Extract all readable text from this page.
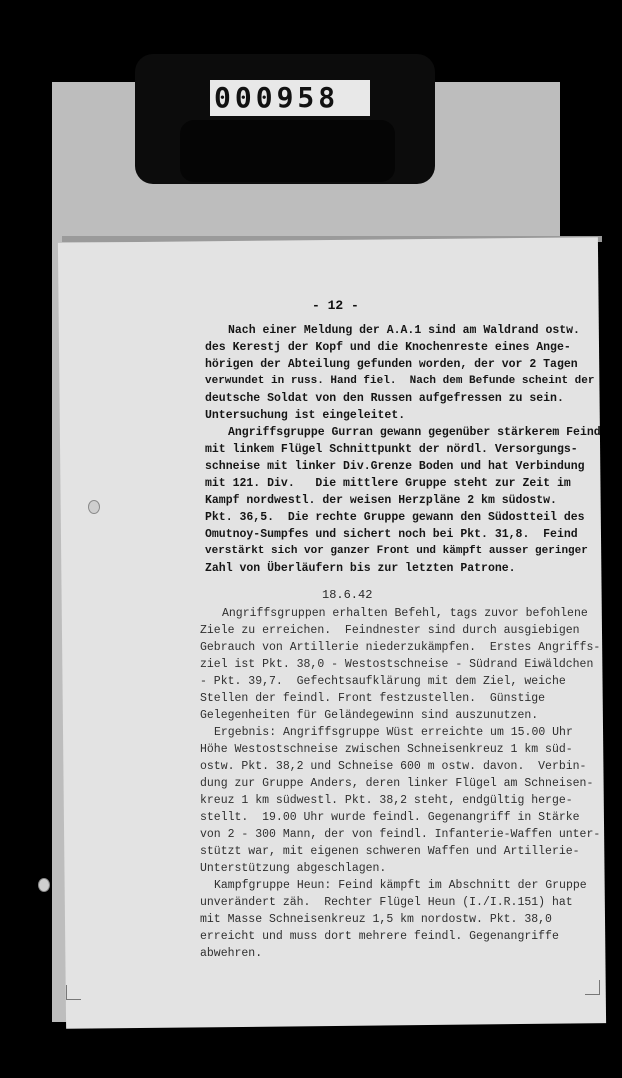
000958
- 12 -
Nach einer Meldung der A.A.1 sind am Waldrand ostw.
des Kerestj der Kopf und die Knochenreste eines Ange-
hörigen der Abteilung gefunden worden, der vor 2 Tagen
verwundet in russ. Hand fiel.  Nach dem Befunde scheint der
deutsche Soldat von den Russen aufgefressen zu sein.
Untersuchung ist eingeleitet.
Angriffsgruppe Gurran gewann gegenüber stärkerem Feind
mit linkem Flügel Schnittpunkt der nördl. Versorgungs-
schneise mit linker Div.Grenze Boden und hat Verbindung
mit 121. Div.   Die mittlere Gruppe steht zur Zeit im
Kampf nordwestl. der weisen Herzpläne 2 km südostw.
Pkt. 36,5.  Die rechte Gruppe gewann den Südostteil des
Omutnoy-Sumpfes und sichert noch bei Pkt. 31,8.  Feind
verstärkt sich vor ganzer Front und kämpft ausser geringer
Zahl von Überläufern bis zur letzten Patrone.
18.6.42
Angriffsgruppen erhalten Befehl, tags zuvor befohlene
Ziele zu erreichen.  Feindnester sind durch ausgiebigen
Gebrauch von Artillerie niederzukämpfen.  Erstes Angriffs-
ziel ist Pkt. 38,0 - Westostschneise - Südrand Eiwäldchen
- Pkt. 39,7.  Gefechtsaufklärung mit dem Ziel, weiche
Stellen der feindl. Front festzustellen.  Günstige
Gelegenheiten für Geländegewinn sind auszunutzen.
Ergebnis: Angriffsgruppe Wüst erreichte um 15.00 Uhr
Höhe Westostschneise zwischen Schneisenkreuz 1 km süd-
ostw. Pkt. 38,2 und Schneise 600 m ostw. davon.  Verbin-
dung zur Gruppe Anders, deren linker Flügel am Schneisen-
kreuz 1 km südwestl. Pkt. 38,2 steht, endgültig herge-
stellt.  19.00 Uhr wurde feindl. Gegenangriff in Stärke
von 2 - 300 Mann, der von feindl. Infanterie-Waffen unter-
stützt war, mit eigenen schweren Waffen und Artillerie-
Unterstützung abgeschlagen.
Kampfgruppe Heun: Feind kämpft im Abschnitt der Gruppe
unverändert zäh.  Rechter Flügel Heun (I./I.R.151) hat
mit Masse Schneisenkreuz 1,5 km nordostw. Pkt. 38,0
erreicht und muss dort mehrere feindl. Gegenangriffe
abwehren.
